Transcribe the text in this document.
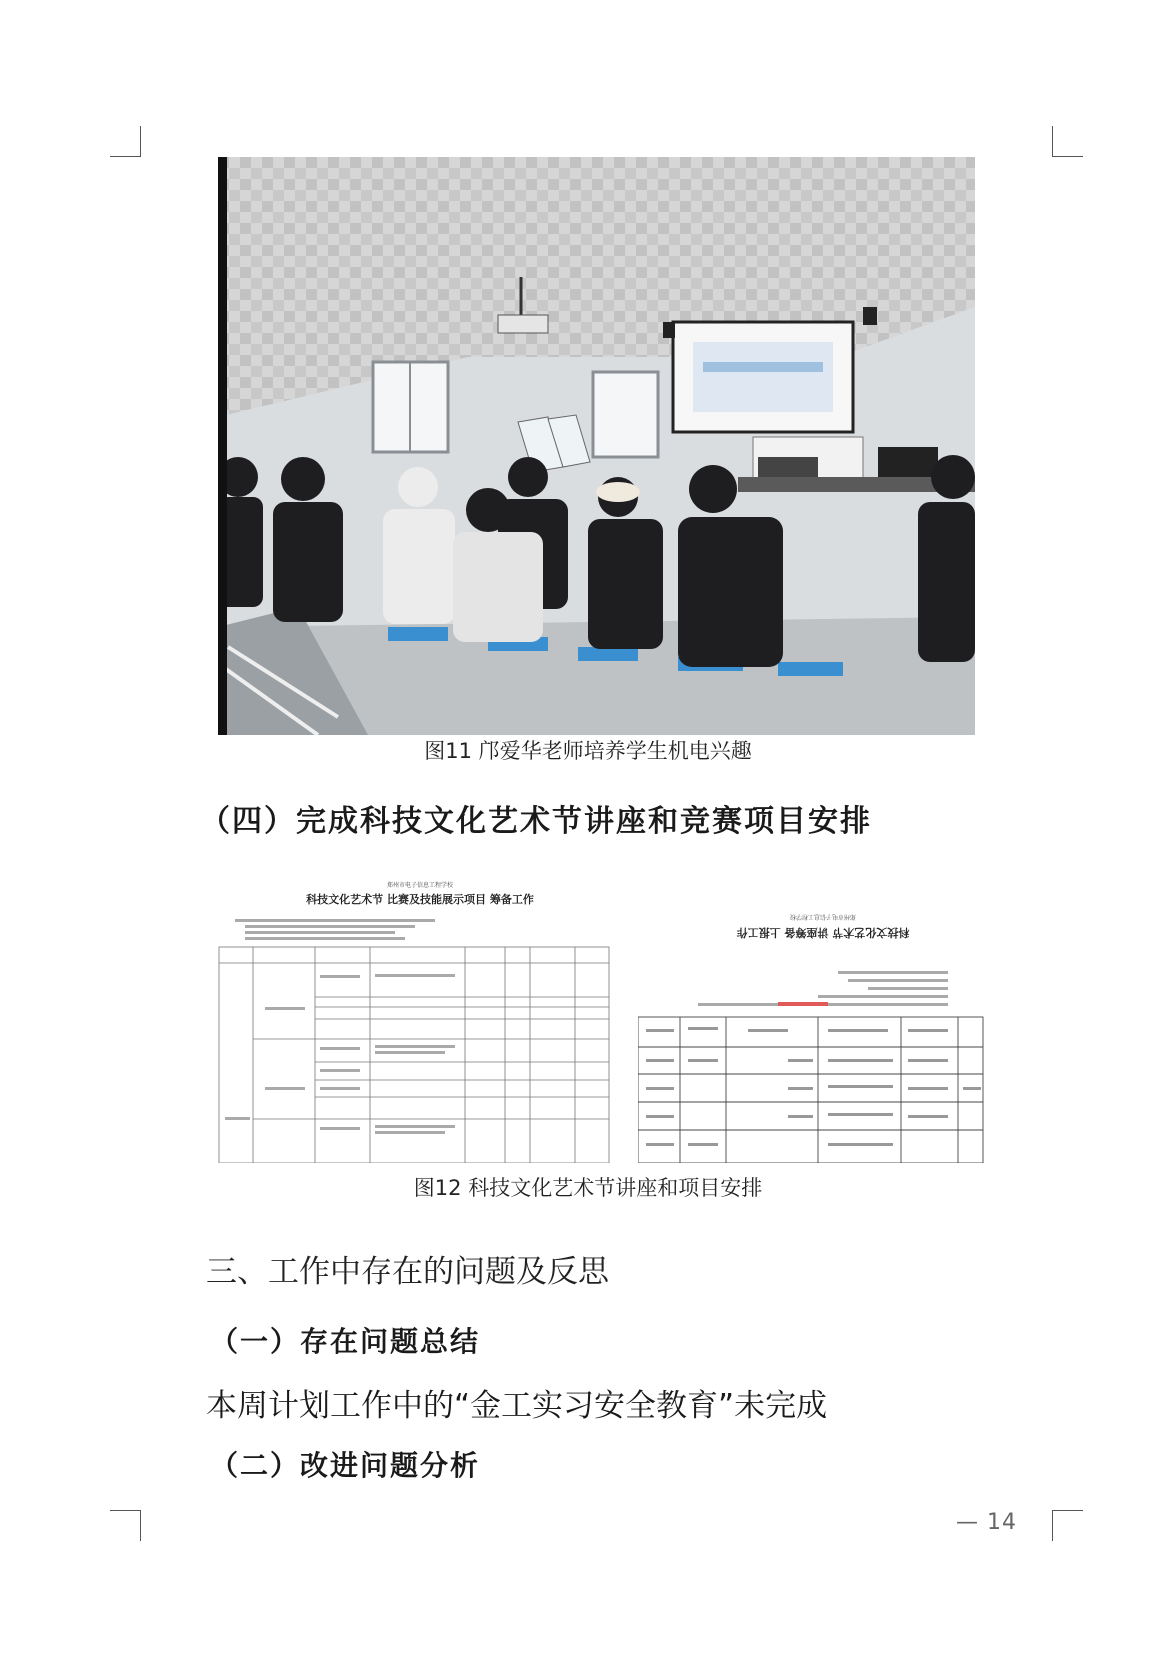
图11 邝爱华老师培养学生机电兴趣
（四）完成科技文化艺术节讲座和竞赛项目安排
郑州市电子信息工程学校
科技文化艺术节 比赛及技能展示项目 筹备工作
郑州市电子信息工程学校
科技文化艺术节 讲座筹备 上报工作
图12 科技文化艺术节讲座和项目安排
三、工作中存在的问题及反思
（一）存在问题总结
本周计划工作中的“金工实习安全教育”未完成
（二）改进问题分析
— 14
